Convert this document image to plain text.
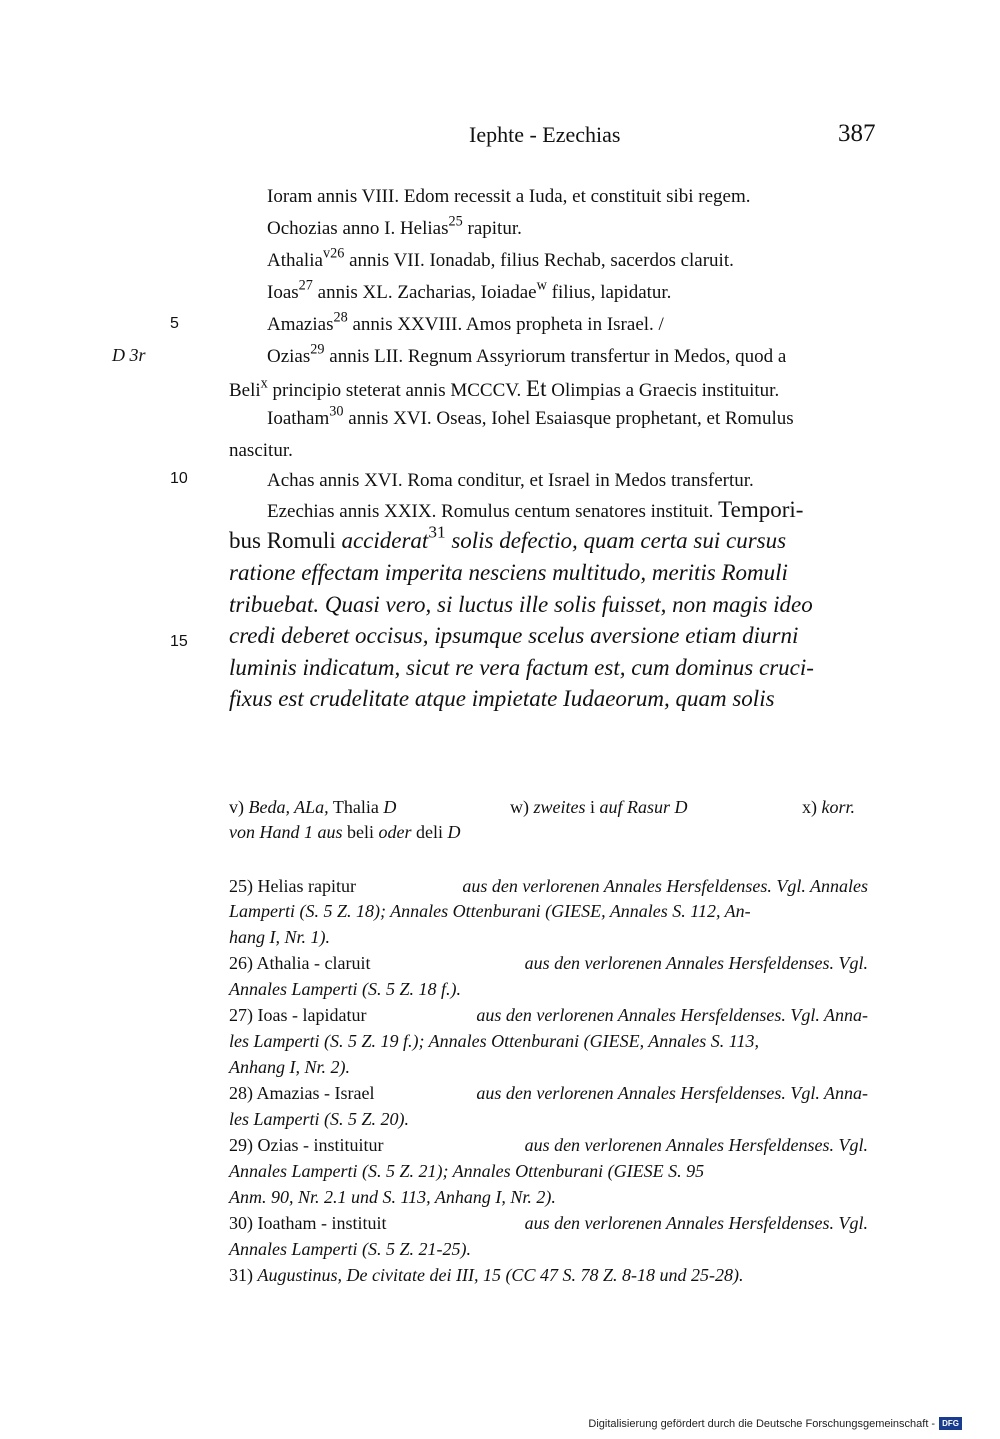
Iephte - Ezechias	387
D 3r
5
10
15
Ioram annis VIII. Edom recessit a Iuda, et constituit sibi regem.
Ochozias anno I. Helias$^{25}$ rapitur.
Athalia$^{v26}$ annis VII. Ionadab, filius Rechab, sacerdos claruit.
Ioas$^{27}$ annis XL. Zacharias, Ioiadae$^w$ filius, lapidatur.
Amazias$^{28}$ annis XXVIII. Amos propheta in Israel. /
Ozias$^{29}$ annis LII. Regnum Assyriorum transfertur in Medos, quod a
Beli$^x$ principio steterat annis MCCCV. Et Olimpias a Graecis instituitur.
Ioatham$^{30}$ annis XVI. Oseas, Iohel Esaiasque prophetant, et Romulus
nascitur.
Achas annis XVI. Roma conditur, et Israel in Medos transfertur.
Ezechias annis XXIX. Romulus centum senatores instituit. Tempori-
bus Romuli acciderat$^{31}$ solis defectio, quam certa sui cursus
ratione effectam imperita nesciens multitudo, meritis Romuli
tribuebat. Quasi vero, si luctus ille solis fuisset, non magis ideo
credi deberet occisus, ipsumque scelus aversione etiam diurni
luminis indicatum, sicut re vera factum est, cum dominus cruci-
fixus est crudelitate atque impietate Iudaeorum, quam solis
v) Beda, ALa, Thalia D	w) zweites i auf Rasur D	x) korr.
von Hand 1 aus beli oder deli D
25) Helias rapitur	aus den verlorenen Annales Hersfeldenses. Vgl. Annales
Lamperti (S. 5 Z. 18); Annales Ottenburani (GIESE, Annales S. 112, An-
hang I, Nr. 1).
26) Athalia - claruit	aus den verlorenen Annales Hersfeldenses. Vgl.
Annales Lamperti (S. 5 Z. 18 f.).
27) Ioas - lapidatur	aus den verlorenen Annales Hersfeldenses. Vgl. Anna-
les Lamperti (S. 5 Z. 19 f.); Annales Ottenburani (GIESE, Annales S. 113,
Anhang I, Nr. 2).
28) Amazias - Israel	aus den verlorenen Annales Hersfeldenses. Vgl. Anna-
les Lamperti (S. 5 Z. 20).
29) Ozias - instituitur	aus den verlorenen Annales Hersfeldenses. Vgl.
Annales Lamperti (S. 5 Z. 21); Annales Ottenburani (GIESE S. 95
Anm. 90, Nr. 2.1 und S. 113, Anhang I, Nr. 2).
30) Ioatham - instituit	aus den verlorenen Annales Hersfeldenses. Vgl.
Annales Lamperti (S. 5 Z. 21-25).
31) Augustinus, De civitate dei III, 15 (CC 47 S. 78 Z. 8-18 und 25-28).
Digitalisierung gefördert durch die Deutsche Forschungsgemeinschaft - DFG
